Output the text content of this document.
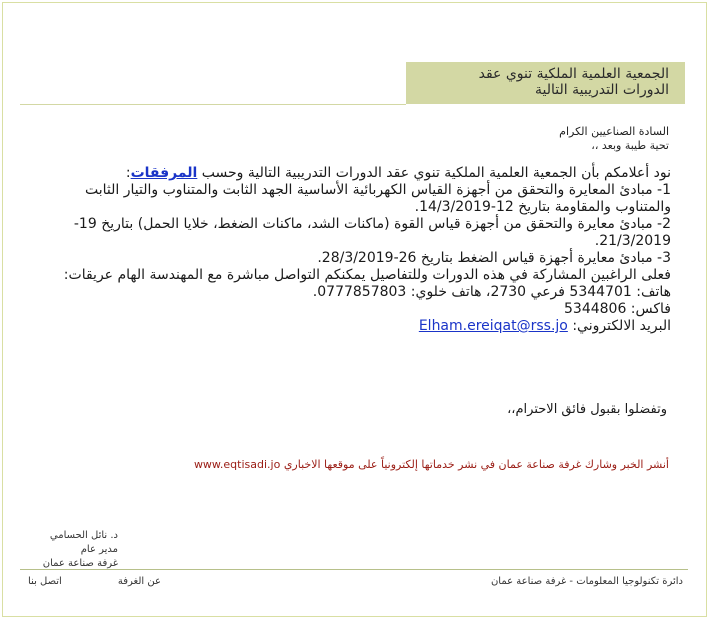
الجمعية العلمية الملكية تنوي عقد
الدورات التدريبية التالية
السادة الصناعيين الكرام
تحية طيبة وبعد ،،

نود أعلامكم بأن الجمعية العلمية الملكية تنوي عقد الدورات التدريبية التالية وحسب المرفقات:

1- مبادئ المعايرة والتحقق من أجهزة القياس الكهربائية الأساسية الجهد الثابت والمتناوب والتيار الثابت والمتناوب والمقاومة بتاريخ 12-14/3/2019.

2- مبادئ معايرة والتحقق من أجهزة قياس القوة (ماكنات الشد، ماكنات الضغط، خلايا الحمل) بتاريخ 19-21/3/2019.

3- مبادئ معايرة أجهزة قياس الضغط بتاريخ 26-28/3/2019.

فعلى الراغبين المشاركة في هذه الدورات وللتفاصيل يمكنكم التواصل مباشرة مع المهندسة الهام عريقات:

هاتف: 5344701 فرعي 2730، هاتف خلوي: 0777857803.

فاكس: 5344806

البريد الالكتروني: Elham.ereiqat@rss.jo

وتفضلوا بقبول فائق الاحترام،،
أنشر الخبر وشارك غرفة صناعة عمان في نشر خدماتها إلكترونياً على موقعها الاخباري www.eqtisadi.jo
د. نائل الحسامي
مدير عام
غرفة صناعة عمان
دائرة تكنولوجيا المعلومات - غرفة صناعة عمان
عن الغرفةاتصل بنا
